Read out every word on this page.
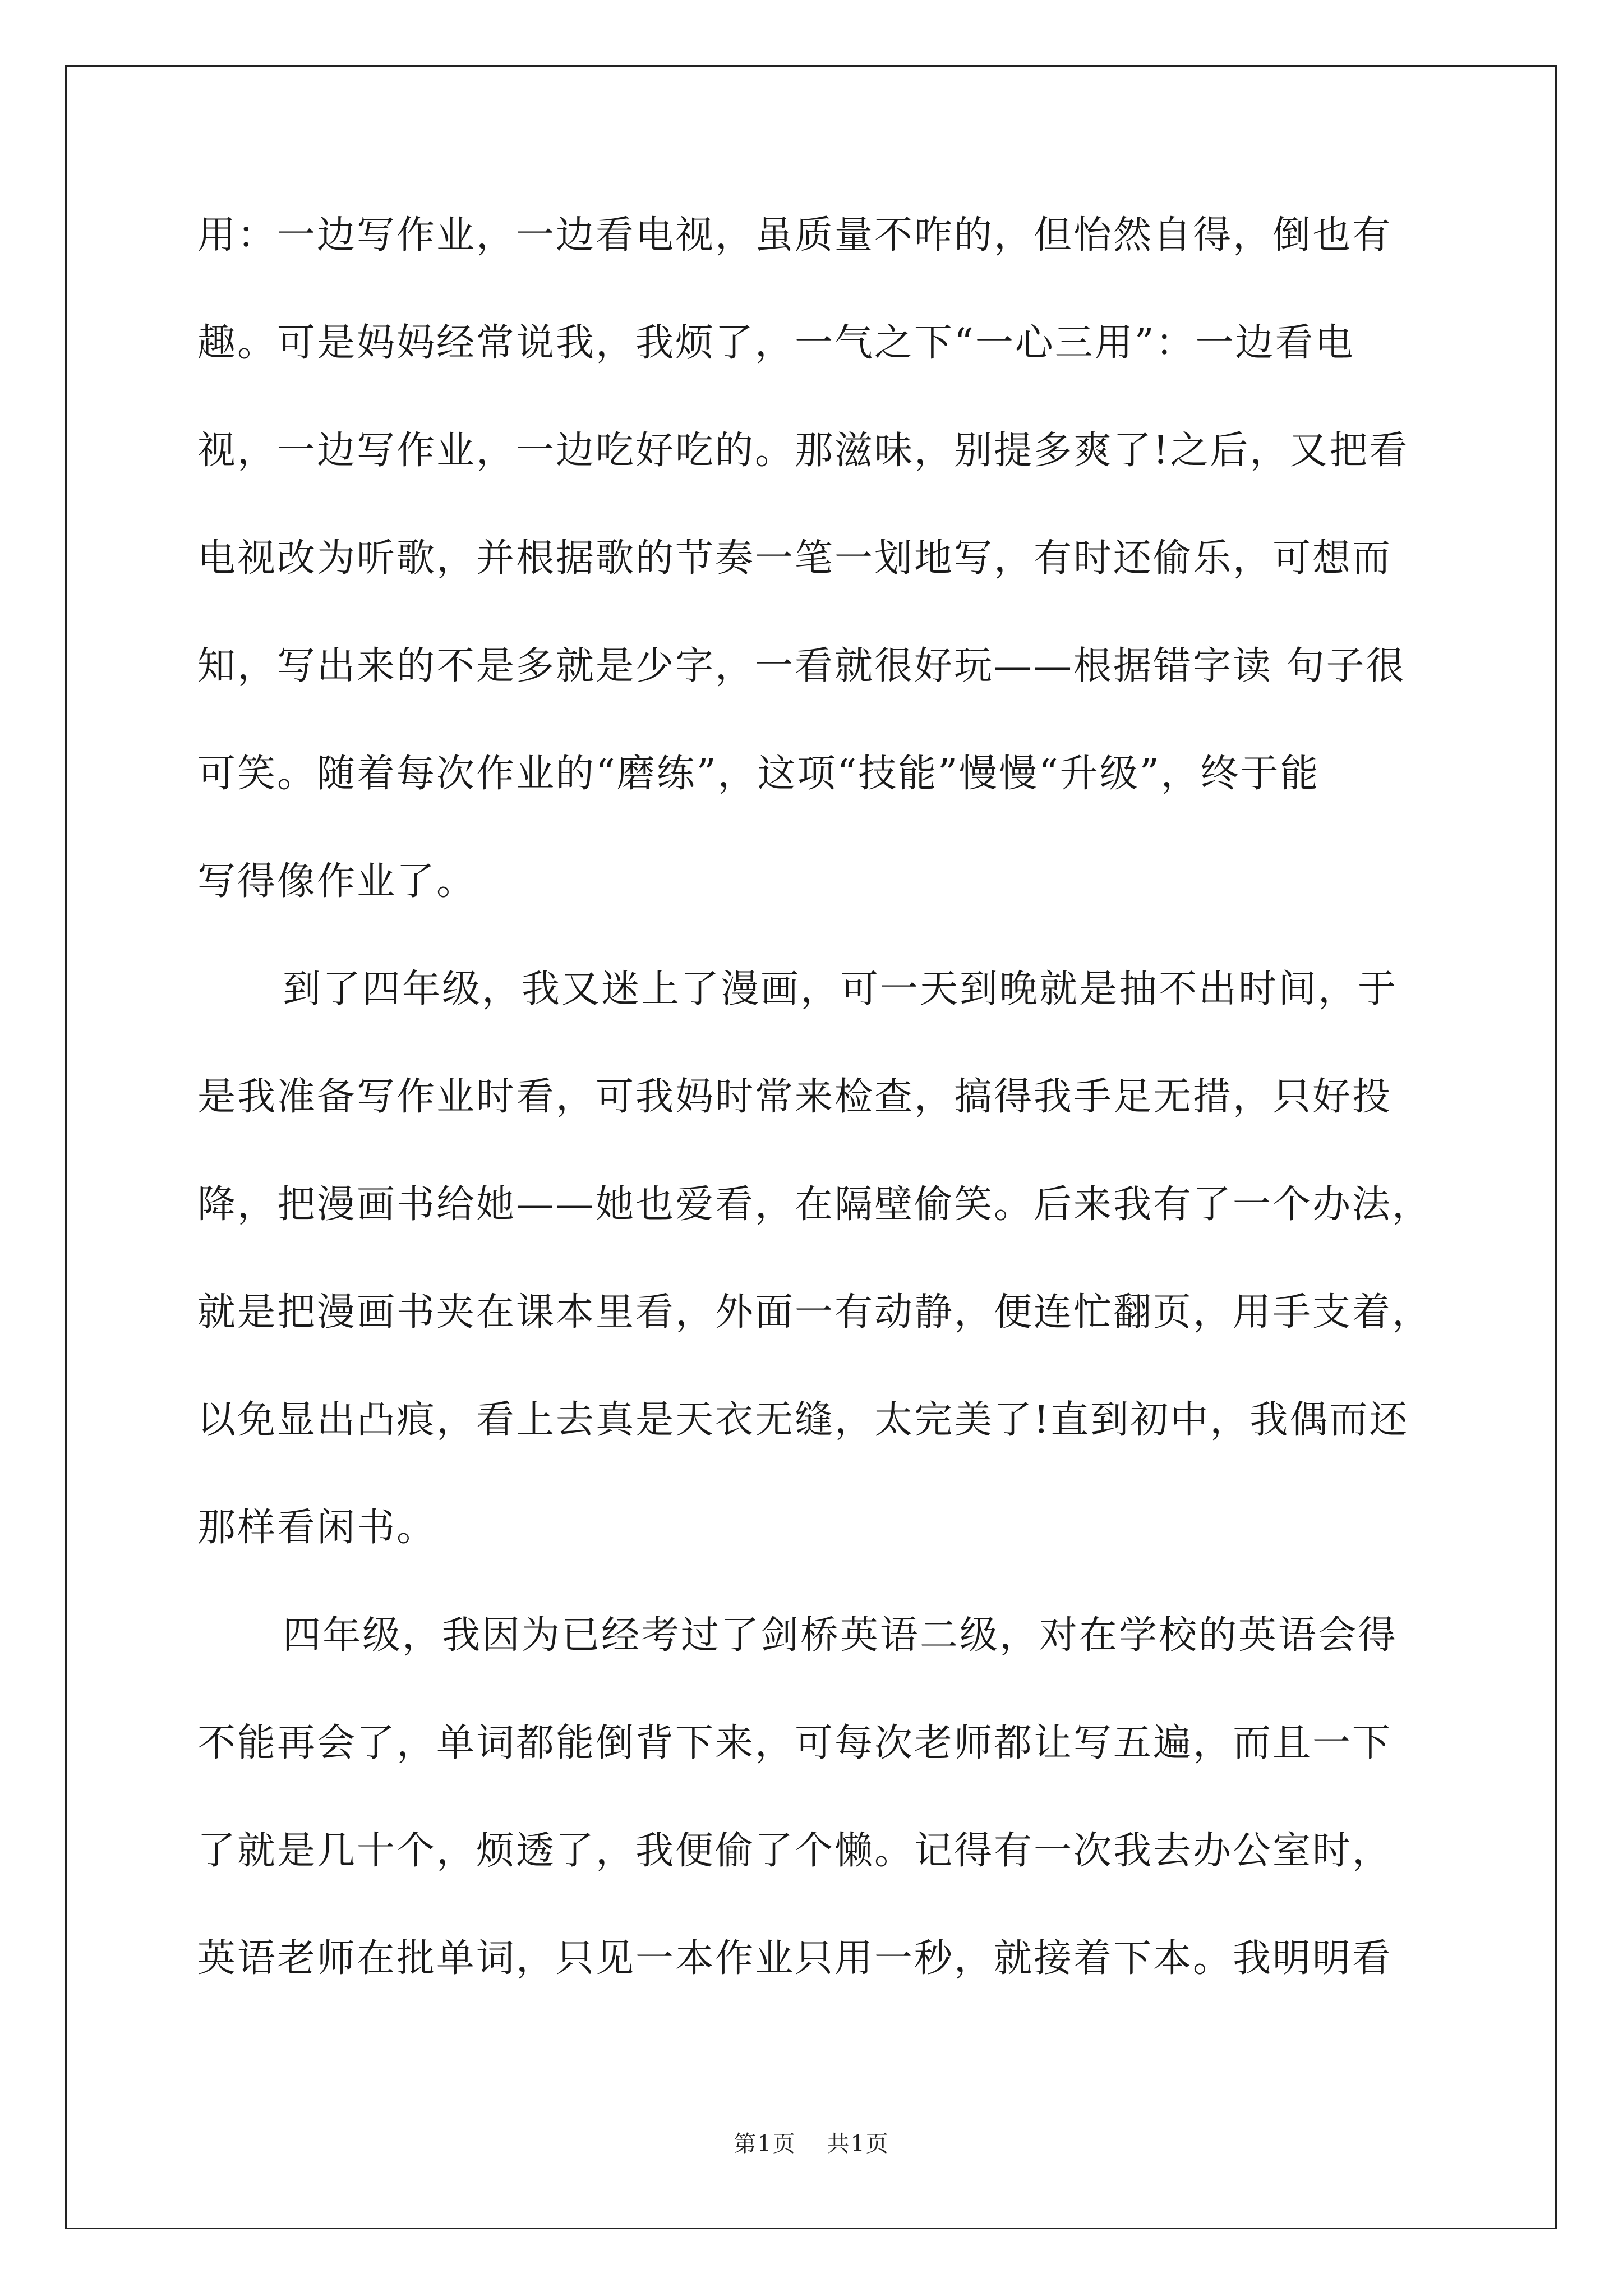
用：一边写作业，一边看电视，虽质量不咋的，但怡然自得，倒也有
趣。可是妈妈经常说我，我烦了，一气之下“一心三用”：一边看电
视，一边写作业，一边吃好吃的。那滋味，别提多爽了!之后，又把看
电视改为听歌，并根据歌的节奏一笔一划地写，有时还偷乐，可想而
知，写出来的不是多就是少字，一看就很好玩——根据错字读 句子很
可笑。随着每次作业的“磨练”，这项“技能”慢慢“升级”，终于能
写得像作业了。
到了四年级，我又迷上了漫画，可一天到晚就是抽不出时间，于
是我准备写作业时看，可我妈时常来检查，搞得我手足无措，只好投
降，把漫画书给她——她也爱看，在隔壁偷笑。后来我有了一个办法，
就是把漫画书夹在课本里看，外面一有动静，便连忙翻页，用手支着，
以免显出凸痕，看上去真是天衣无缝，太完美了!直到初中，我偶而还
那样看闲书。
四年级，我因为已经考过了剑桥英语二级，对在学校的英语会得
不能再会了，单词都能倒背下来，可每次老师都让写五遍，而且一下
了就是几十个，烦透了，我便偷了个懒。记得有一次我去办公室时，
英语老师在批单词，只见一本作业只用一秒，就接着下本。我明明看
第1页 共1页
